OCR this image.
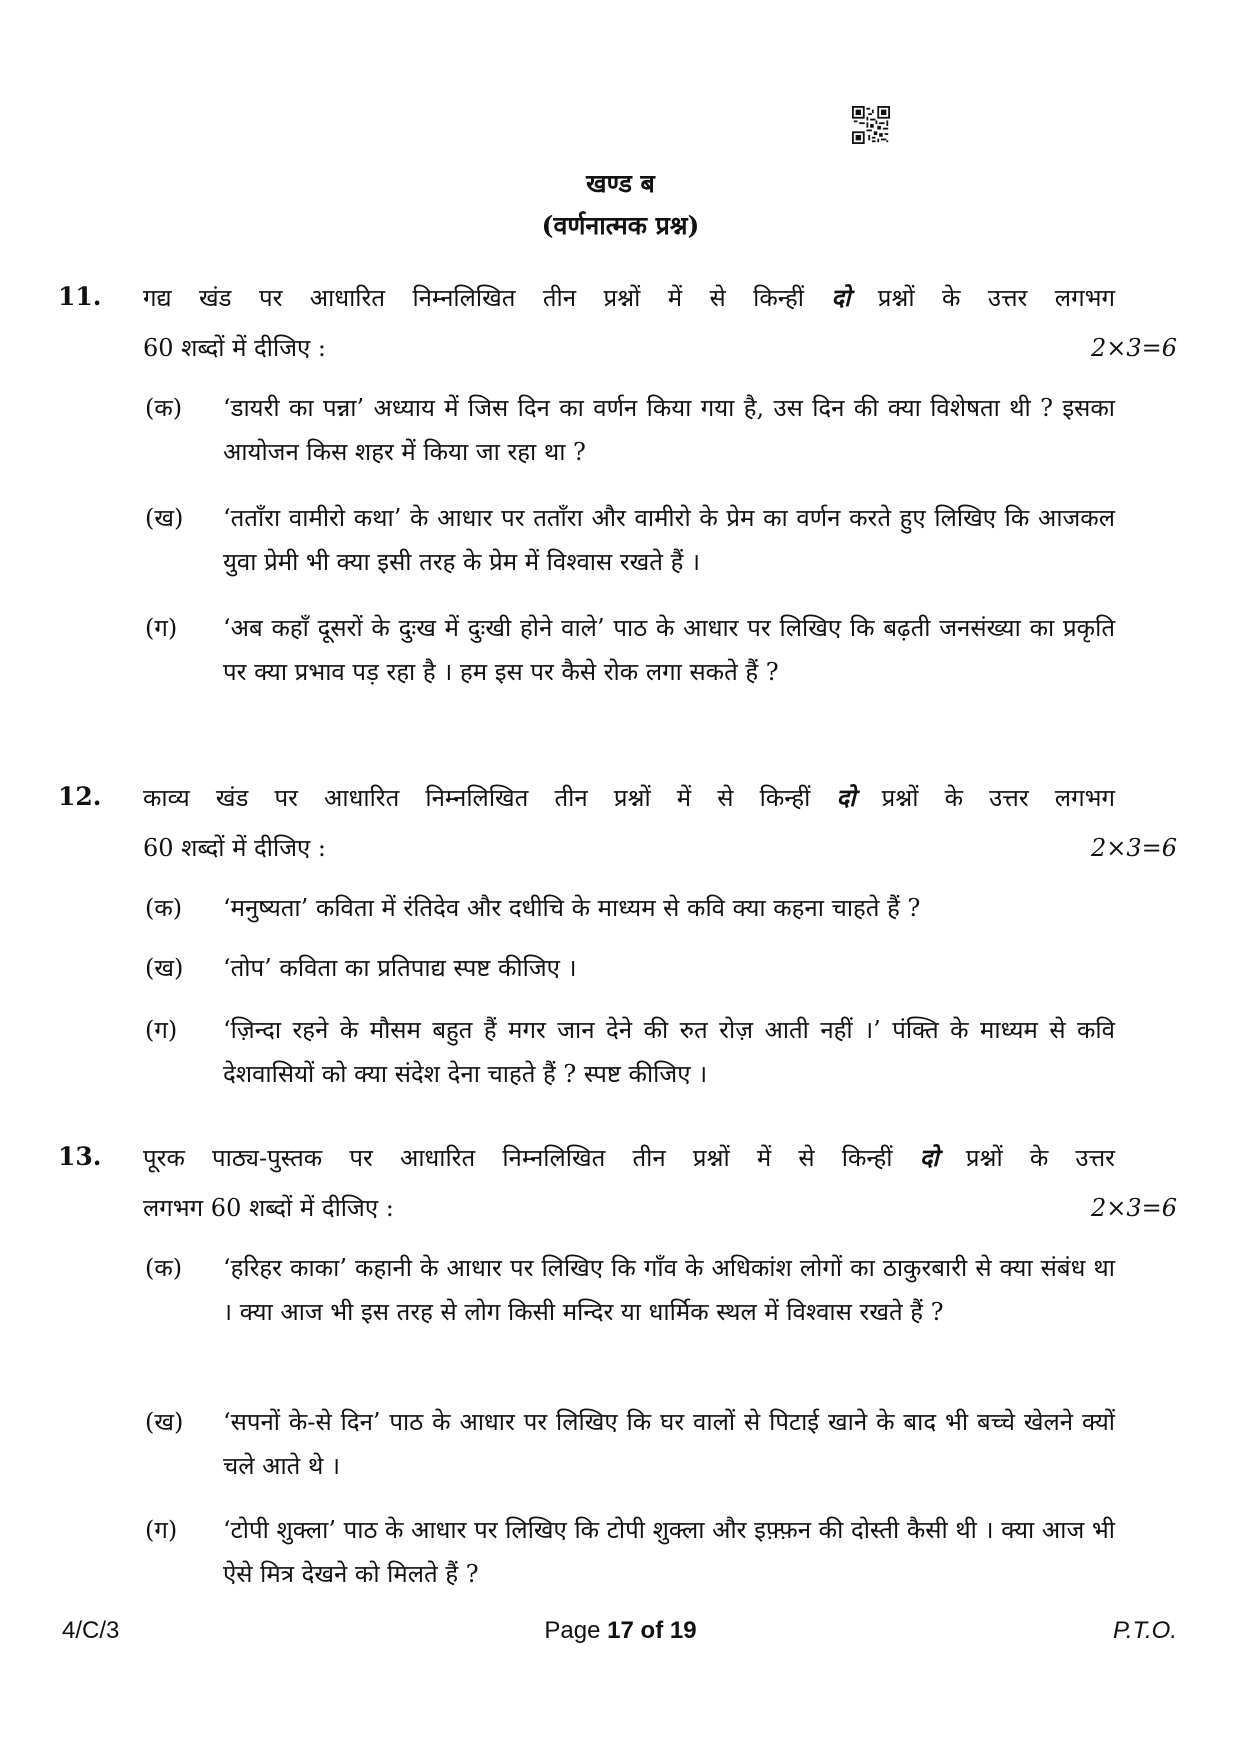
खण्ड ब
(वर्णनात्मक प्रश्न)
11. गद्य खंड पर आधारित निम्नलिखित तीन प्रश्नों में से किन्हीं दो प्रश्नों के उत्तर लगभग
60 शब्दों में दीजिए :	2×3=6
(क) ‘डायरी का पन्ना’ अध्याय में जिस दिन का वर्णन किया गया है, उस दिन की क्या विशेषता थी ? इसका आयोजन किस शहर में किया जा रहा था ?
(ख) ‘तताँरा वामीरो कथा’ के आधार पर तताँरा और वामीरो के प्रेम का वर्णन करते हुए लिखिए कि आजकल युवा प्रेमी भी क्या इसी तरह के प्रेम में विश्वास रखते हैं ।
(ग) ‘अब कहाँ दूसरों के दुःख में दुःखी होने वाले’ पाठ के आधार पर लिखिए कि बढ़ती जनसंख्या का प्रकृति पर क्या प्रभाव पड़ रहा है । हम इस पर कैसे रोक लगा सकते हैं ?
12. काव्य खंड पर आधारित निम्नलिखित तीन प्रश्नों में से किन्हीं दो प्रश्नों के उत्तर लगभग
60 शब्दों में दीजिए :	2×3=6
(क) ‘मनुष्यता’ कविता में रंतिदेव और दधीचि के माध्यम से कवि क्या कहना चाहते हैं ?
(ख) ‘तोप’ कविता का प्रतिपाद्य स्पष्ट कीजिए ।
(ग) ‘ज़िन्दा रहने के मौसम बहुत हैं मगर जान देने की रुत रोज़ आती नहीं ।’ पंक्ति के माध्यम से कवि देशवासियों को क्या संदेश देना चाहते हैं ? स्पष्ट कीजिए ।
13. पूरक पाठ्य-पुस्तक पर आधारित निम्नलिखित तीन प्रश्नों में से किन्हीं दो प्रश्नों के उत्तर
लगभग 60 शब्दों में दीजिए :	2×3=6
(क) ‘हरिहर काका’ कहानी के आधार पर लिखिए कि गाँव के अधिकांश लोगों का ठाकुरबारी से क्या संबंध था । क्या आज भी इस तरह से लोग किसी मन्दिर या धार्मिक स्थल में विश्वास रखते हैं ?
(ख) ‘सपनों के-से दिन’ पाठ के आधार पर लिखिए कि घर वालों से पिटाई खाने के बाद भी बच्चे खेलने क्यों चले आते थे ।
(ग) ‘टोपी शुक्ला’ पाठ के आधार पर लिखिए कि टोपी शुक्ला और इफ़्फ़न की दोस्ती कैसी थी । क्या आज भी ऐसे मित्र देखने को मिलते हैं ?
4/C/3	Page 17 of 19	P.T.O.
